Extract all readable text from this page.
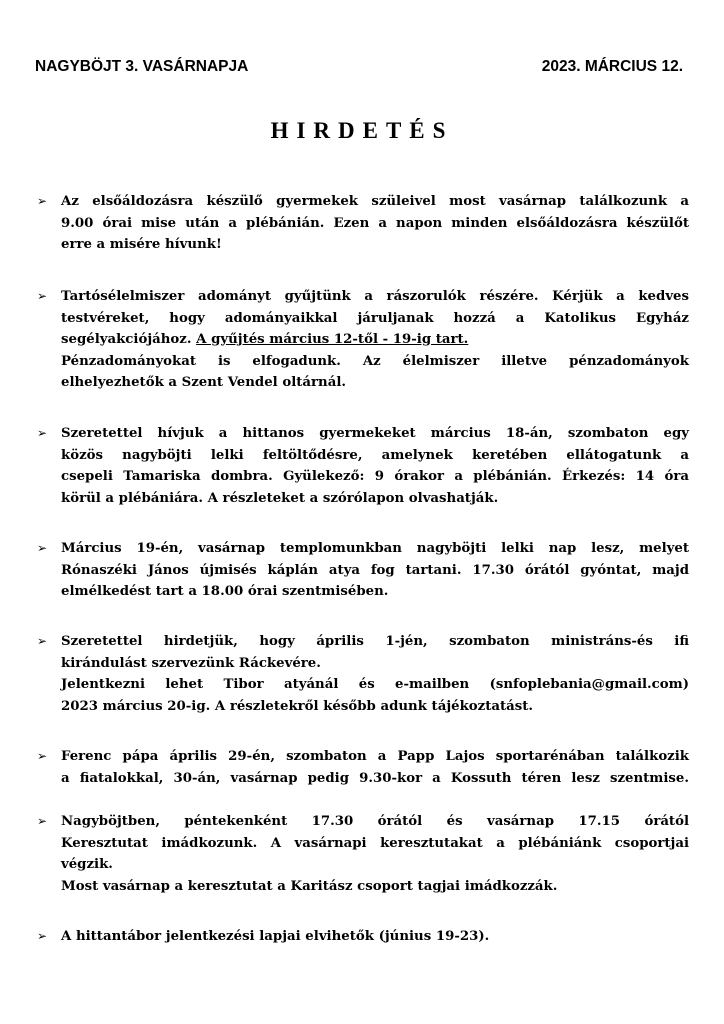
NAGYBÖJT 3. VASÁRNAPJA	2023. MÁRCIUS 12.
HIRDETÉS
➢	Az elsőáldozásra készülő gyermekek szüleivel most vasárnap találkozunk a
9.00 órai mise után a plébánián. Ezen a napon minden elsőáldozásra készülőt
erre a misére hívunk!
➢	Tartósélelmiszer adományt gyűjtünk a rászorulók részére. Kérjük a kedves
testvéreket, hogy adományaikkal járuljanak hozzá a Katolikus Egyház
segélyakciójához. A gyűjtés március 12-től - 19-ig tart.
Pénzadományokat is elfogadunk. Az élelmiszer illetve pénzadományok
elhelyezhetők a Szent Vendel oltárnál.
➢	Szeretettel hívjuk a hittanos gyermekeket március 18-án, szombaton egy
közös nagyböjti lelki feltöltődésre, amelynek keretében ellátogatunk a
csepeli Tamariska dombra. Gyülekező: 9 órakor a plébánián. Érkezés: 14 óra
körül a plébániára. A részleteket a szórólapon olvashatják.
➢	Március 19-én, vasárnap templomunkban nagyböjti lelki nap lesz, melyet
Rónaszéki János újmisés káplán atya fog tartani. 17.30 órától gyóntat, majd
elmélkedést tart a 18.00 órai szentmisében.
➢	Szeretettel hirdetjük, hogy április 1-jén, szombaton ministráns-és ifi
kirándulást szervezünk Ráckevére.
Jelentkezni lehet Tibor atyánál és e-mailben (snfoplebania@gmail.com)
2023 március 20-ig. A részletekről később adunk tájékoztatást.
➢	Ferenc pápa április 29-én, szombaton a Papp Lajos sportarénában találkozik
a fiatalokkal, 30-án, vasárnap pedig 9.30-kor a Kossuth téren lesz szentmise.
➢	Nagyböjtben, péntekenként 17.30 órától és vasárnap 17.15 órától
Keresztutat imádkozunk. A vasárnapi keresztutakat a plébániánk csoportjai
végzik.
Most vasárnap a keresztutat a Karitász csoport tagjai imádkozzák.
➢	A hittantábor jelentkezési lapjai elvihetők (június 19-23).
